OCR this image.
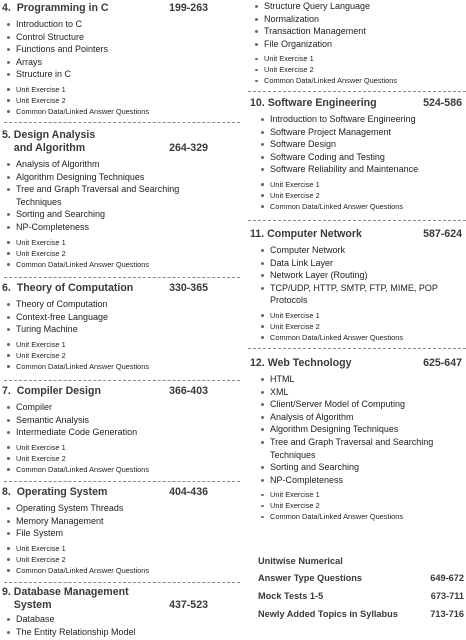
4. Programming in C	199-263
Introduction to C
Control Structure
Functions and Pointers
Arrays
Structure in C
Unit Exercise 1
Unit Exercise 2
Common Data/Linked Answer Questions
5.
Design Analysis
and Algorithm	264-329
Analysis of Algorithm
Algorithm Designing Techniques
Tree and Graph Traversal and Searching
Techniques
Sorting and Searching
NP-Completeness
Unit Exercise 1
Unit Exercise 2
Common Data/Linked Answer Questions
6. Theory of Computation	330-365
Theory of Computation
Context-free Language
Turing Machine
Unit Exercise 1
Unit Exercise 2
Common Data/Linked Answer Questions
7. Compiler Design	366-403
Compiler
Semantic Analysis
Intermediate Code Generation
Unit Exercise 1
Unit Exercise 2
Common Data/Linked Answer Questions
8. Operating System	404-436
Operating System Threads
Memory Management
File System
Unit Exercise 1
Unit Exercise 2
Common Data/Linked Answer Questions
9.
Database Management
System	437-523
Database
The Entity Relationship Model
Structure Query Language
Normalization
Transaction Management
File Organization
Unit Exercise 1
Unit Exercise 2
Common Data/Linked Answer Questions
10. Software Engineering	524-586
Introduction to Software Engineering
Software Project Management
Software Design
Software Coding and Testing
Software Reliability and Maintenance
Unit Exercise 1
Unit Exercise 2
Common Data/Linked Answer Questions
11. Computer Network	587-624
Computer Network
Data Link Layer
Network Layer (Routing)
TCP/UDP, HTTP, SMTP, FTP, MIME, POP
Protocols
Unit Exercise 1
Unit Exercise 2
Common Data/Linked Answer Questions
12. Web Technology	625-647
HTML
XML
Client/Server Model of Computing
Analysis of Algorithm
Algorithm Designing Techniques
Tree and Graph Traversal and Searching
Techniques
Sorting and Searching
NP-Completeness
Unit Exercise 1
Unit Exercise 2
Common Data/Linked Answer Questions
Unitwise Numerical
Answer Type Questions	649-672
Mock Tests 1-5	673-711
Newly Added Topics in Syllabus	713-716
